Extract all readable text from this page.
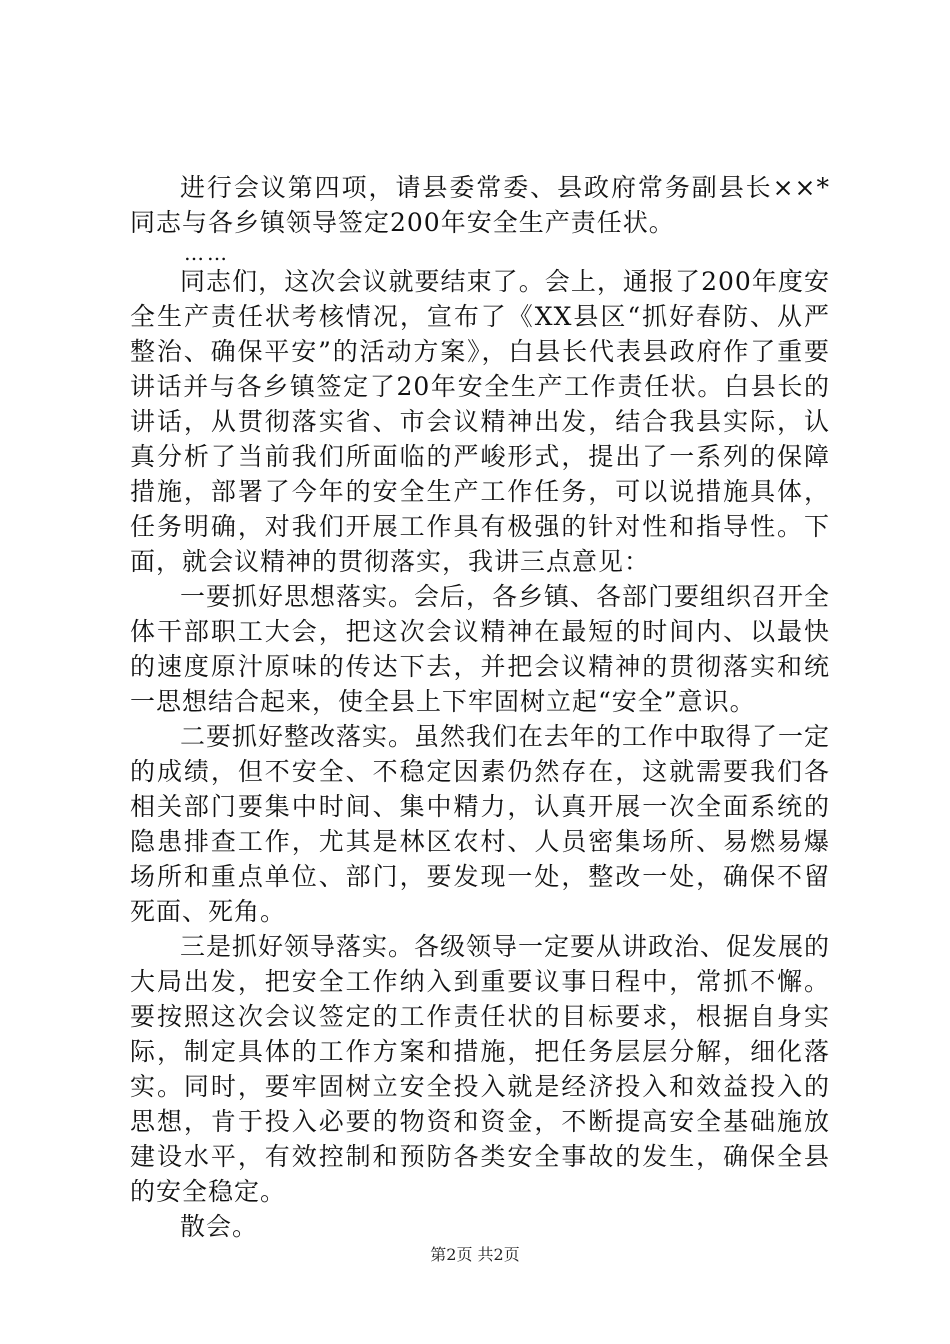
进行会议第四项，请县委常委、县政府常务副县长××*同志与各乡镇领导签定200年安全生产责任状。

……

同志们，这次会议就要结束了。会上，通报了200年度安全生产责任状考核情况，宣布了《XX县区“抓好春防、从严整治、确保平安”的活动方案》，白县长代表县政府作了重要讲话并与各乡镇签定了20年安全生产工作责任状。白县长的讲话，从贯彻落实省、市会议精神出发，结合我县实际，认真分析了当前我们所面临的严峻形式，提出了一系列的保障措施，部署了今年的安全生产工作任务，可以说措施具体，任务明确，对我们开展工作具有极强的针对性和指导性。下面，就会议精神的贯彻落实，我讲三点意见：

一要抓好思想落实。会后，各乡镇、各部门要组织召开全体干部职工大会，把这次会议精神在最短的时间内、以最快的速度原汁原味的传达下去，并把会议精神的贯彻落实和统一思想结合起来，使全县上下牢固树立起“安全”意识。

二要抓好整改落实。虽然我们在去年的工作中取得了一定的成绩，但不安全、不稳定因素仍然存在，这就需要我们各相关部门要集中时间、集中精力，认真开展一次全面系统的隐患排查工作，尤其是林区农村、人员密集场所、易燃易爆场所和重点单位、部门，要发现一处，整改一处，确保不留死面、死角。

三是抓好领导落实。各级领导一定要从讲政治、促发展的大局出发，把安全工作纳入到重要议事日程中，常抓不懈。要按照这次会议签定的工作责任状的目标要求，根据自身实际，制定具体的工作方案和措施，把任务层层分解，细化落实。同时，要牢固树立安全投入就是经济投入和效益投入的思想，肯于投入必要的物资和资金，不断提高安全基础施放建设水平，有效控制和预防各类安全事故的发生，确保全县的安全稳定。

散会。

第2页 共2页
